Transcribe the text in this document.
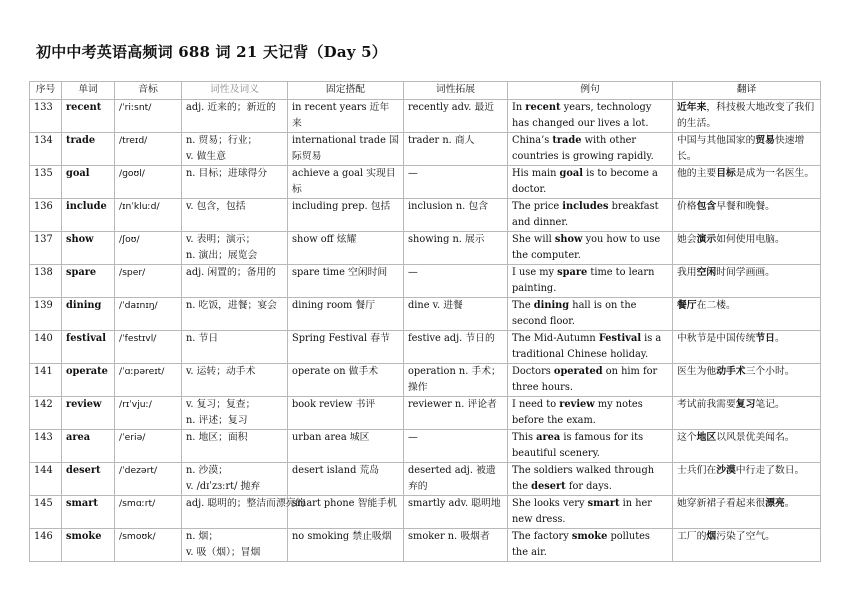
初中中考英语高频词 688 词 21 天记背（Day 5）
序号	单词	音标	词性及词义	固定搭配	词性拓展	例句	翻译
133	recent	/ˈriːsnt/	adj. 近来的；新近的	in recent years 近年来	recently adv. 最近	In recent years, technology has changed our lives a lot.	近年来，科技极大地改变了我们的生活。
134	trade	/treɪd/	n. 贸易；行业；
v. 做生意	international trade 国际贸易	trader n. 商人	China’s trade with other countries is growing rapidly.	中国与其他国家的贸易快速增长。
135	goal	/ɡoʊl/	n. 目标；进球得分	achieve a goal 实现目标	—	His main goal is to become a doctor.	他的主要目标是成为一名医生。
136	include	/ɪnˈkluːd/	v. 包含，包括	including prep. 包括	inclusion n. 包含	The price includes breakfast and dinner.	价格包含早餐和晚餐。
137	show	/ʃoʊ/	v. 表明；演示；
n. 演出；展览会	show off 炫耀	showing n. 展示	She will show you how to use the computer.	她会演示如何使用电脑。
138	spare	/sper/	adj. 闲置的；备用的	spare time 空闲时间	—	I use my spare time to learn painting.	我用空闲时间学画画。
139	dining	/ˈdaɪnɪŋ/	n. 吃饭，进餐；宴会	dining room 餐厅	dine v. 进餐	The dining hall is on the second floor.	餐厅在二楼。
140	festival	/ˈfestɪvl/	n. 节日	Spring Festival 春节	festive adj. 节日的	The Mid-Autumn Festival is a traditional Chinese holiday.	中秋节是中国传统节日。
141	operate	/ˈɑːpəreɪt/	v. 运转；动手术	operate on 做手术	operation n. 手术；操作	Doctors operated on him for three hours.	医生为他动手术三个小时。
142	review	/rɪˈvjuː/	v. 复习；复查；
n. 评述；复习	book review 书评	reviewer n. 评论者	I need to review my notes before the exam.	考试前我需要复习笔记。
143	area	/ˈeriə/	n. 地区；面积	urban area 城区	—	This area is famous for its beautiful scenery.	这个地区以风景优美闻名。
144	desert	/ˈdezərt/	n. 沙漠；
v. /dɪˈzɜːrt/ 抛弃	desert island 荒岛	deserted adj. 被遗弃的	The soldiers walked through the desert for days.	士兵们在沙漠中行走了数日。
145	smart	/smɑːrt/	adj. 聪明的；整洁而漂亮的	smart phone 智能手机	smartly adv. 聪明地	She looks very smart in her new dress.	她穿新裙子看起来很漂亮。
146	smoke	/smoʊk/	n. 烟；
v. 吸（烟）；冒烟	no smoking 禁止吸烟	smoker n. 吸烟者	The factory smoke pollutes the air.	工厂的烟污染了空气。
